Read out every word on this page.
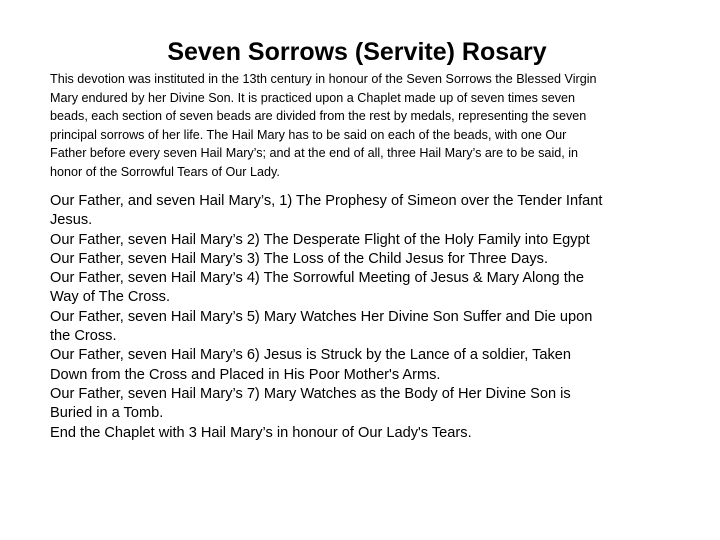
Seven Sorrows (Servite) Rosary
This devotion was instituted in the 13th century in honour of the Seven Sorrows the Blessed Virgin
Mary endured by her Divine Son. It is practiced upon a Chaplet made up of seven times seven
beads, each section of seven beads are divided from the rest by medals, representing the seven
principal sorrows of her life. The Hail Mary has to be said on each of the beads, with one Our
Father before every seven Hail Mary’s; and at the end of all, three Hail Mary’s are to be said, in
honor of the Sorrowful Tears of Our Lady.
Our Father, and seven Hail Mary’s, 1) The Prophesy of Simeon over the Tender Infant
Jesus.
Our Father, seven Hail Mary’s 2) The Desperate Flight of the Holy Family into Egypt
Our Father, seven Hail Mary’s 3) The Loss of the Child Jesus for Three Days.
Our Father, seven Hail Mary’s 4) The Sorrowful Meeting of Jesus & Mary Along the
Way of The Cross.
Our Father, seven Hail Mary’s 5) Mary Watches Her Divine Son Suffer and Die upon
the Cross.
Our Father, seven Hail Mary’s 6) Jesus is Struck by the Lance of a soldier, Taken
Down from the Cross and Placed in His Poor Mother's Arms.
Our Father, seven Hail Mary’s 7) Mary Watches as the Body of Her Divine Son is
Buried in a Tomb.
End the Chaplet with 3 Hail Mary’s in honour of Our Lady's Tears.
